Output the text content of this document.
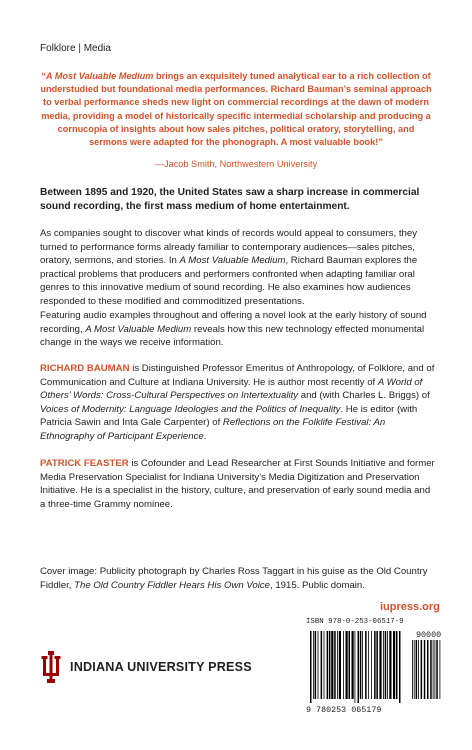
Folklore | Media
“A Most Valuable Medium brings an exquisitely tuned analytical ear to a rich collection of understudied but foundational media performances. Richard Bauman’s seminal approach to verbal performance sheds new light on commercial recordings at the dawn of modern media, providing a model of historically specific intermedial scholarship and producing a cornucopia of insights about how sales pitches, political oratory, storytelling, and sermons were adapted for the phonograph. A most valuable book!”
—Jacob Smith, Northwestern University
Between 1895 and 1920, the United States saw a sharp increase in commercial sound recording, the first mass medium of home entertainment.
As companies sought to discover what kinds of records would appeal to consumers, they turned to performance forms already familiar to contemporary audiences—sales pitches, oratory, sermons, and stories. In A Most Valuable Medium, Richard Bauman explores the practical problems that producers and performers confronted when adapting familiar oral genres to this innovative medium of sound recording. He also examines how audiences responded to these modified and commoditized presentations.
Featuring audio examples throughout and offering a novel look at the early history of sound recording, A Most Valuable Medium reveals how this new technology effected monumental change in the ways we receive information.
RICHARD BAUMAN is Distinguished Professor Emeritus of Anthropology, of Folklore, and of Communication and Culture at Indiana University. He is author most recently of A World of Others’ Words: Cross-Cultural Perspectives on Intertextuality and (with Charles L. Briggs) of Voices of Modernity: Language Ideologies and the Politics of Inequality. He is editor (with Patricia Sawin and Inta Gale Carpenter) of Reflections on the Folklife Festival: An Ethnography of Participant Experience.
PATRICK FEASTER is Cofounder and Lead Researcher at First Sounds Initiative and former Media Preservation Specialist for Indiana University’s Media Digitization and Preservation Initiative. He is a specialist in the history, culture, and preservation of early sound media and a three-time Grammy nominee.
Cover image: Publicity photograph by Charles Ross Taggart in his guise as the Old Country Fiddler, The Old Country Fiddler Hears His Own Voice, 1915. Public domain.
iupress.org
INDIANA UNIVERSITY PRESS
ISBN 978-0-253-06517-9
90000
9 780253 065179
